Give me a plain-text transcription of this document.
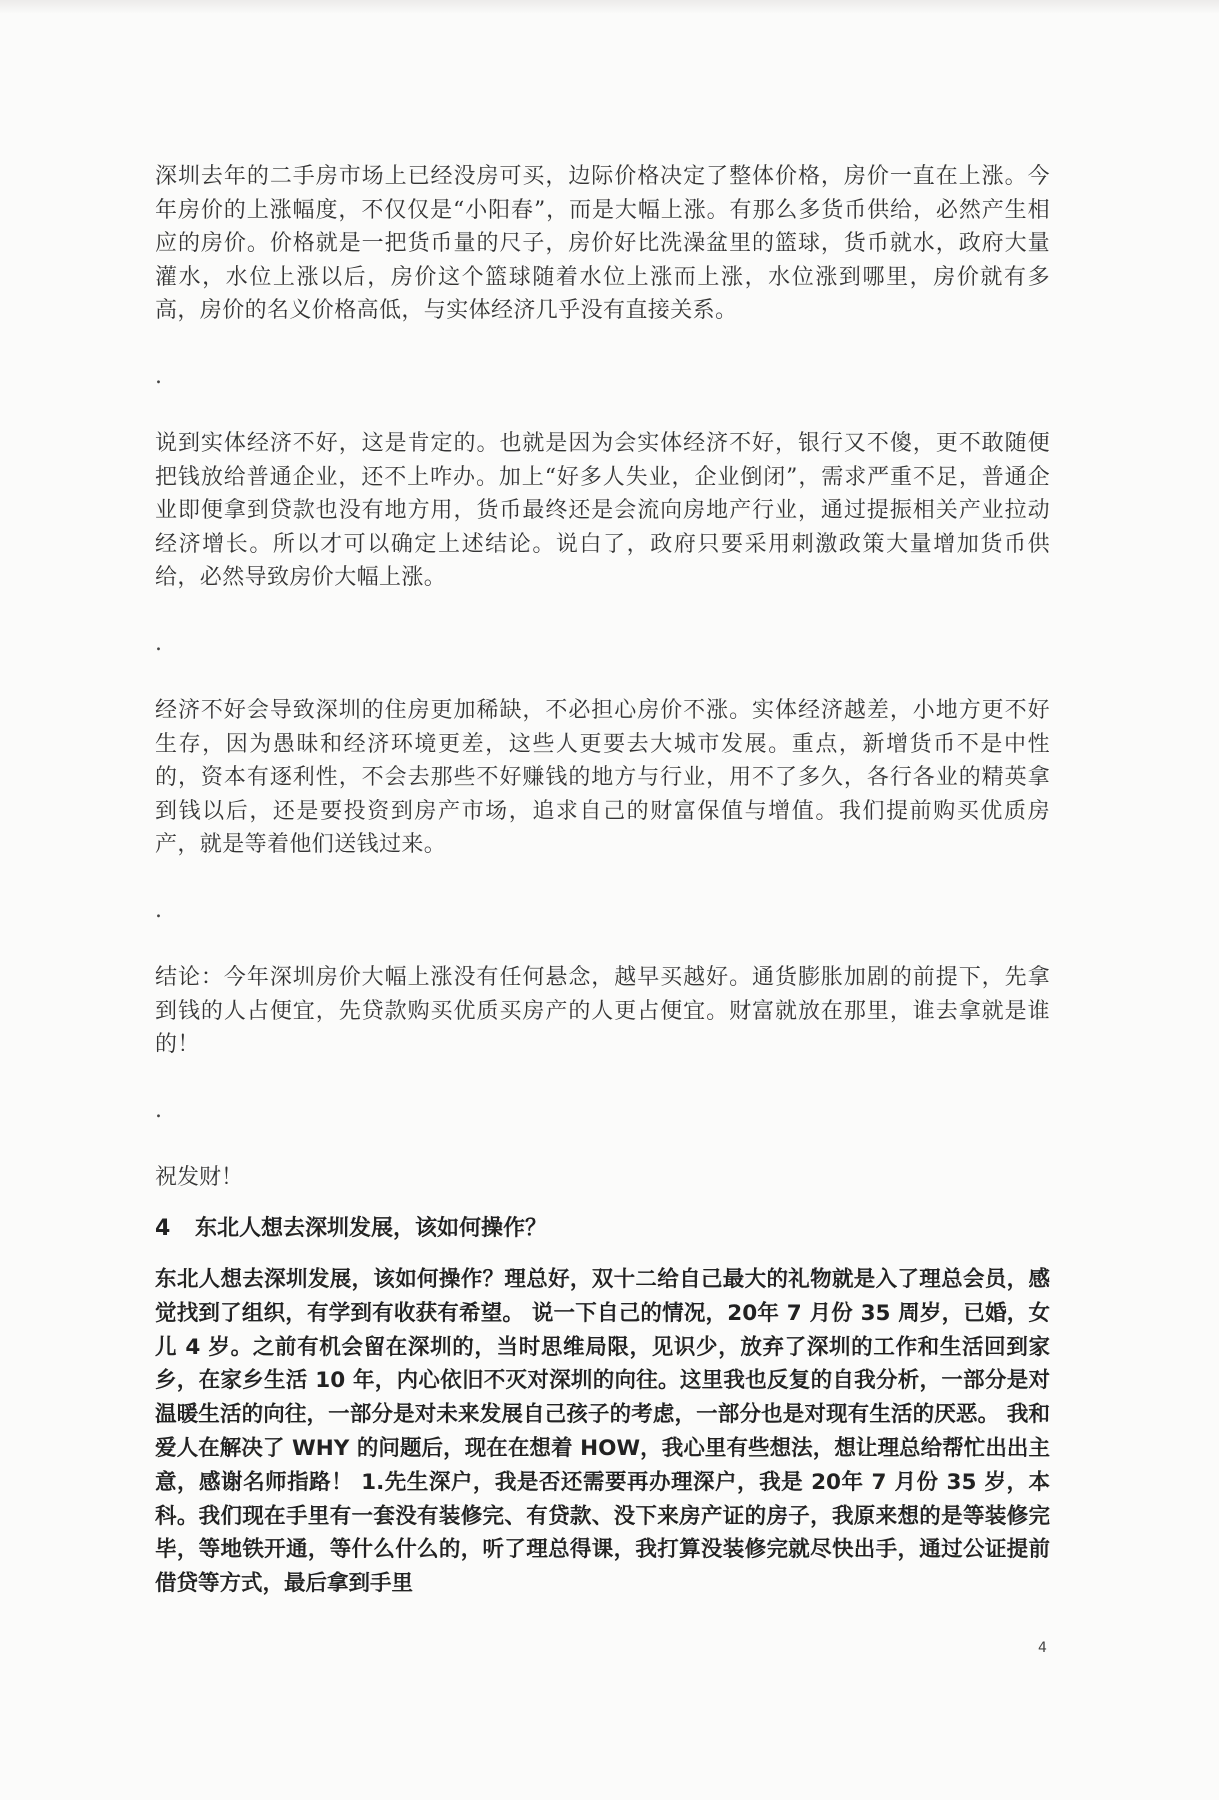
深圳去年的二手房市场上已经没房可买，边际价格决定了整体价格，房价一直在上涨。今年房价的上涨幅度，不仅仅是“小阳春”，而是大幅上涨。有那么多货币供给，必然产生相应的房价。价格就是一把货币量的尺子，房价好比洗澡盆里的篮球，货币就水，政府大量灌水，水位上涨以后，房价这个篮球随着水位上涨而上涨，水位涨到哪里，房价就有多高，房价的名义价格高低，与实体经济几乎没有直接关系。

.

说到实体经济不好，这是肯定的。也就是因为会实体经济不好，银行又不傻，更不敢随便把钱放给普通企业，还不上咋办。加上“好多人失业，企业倒闭”，需求严重不足，普通企业即便拿到贷款也没有地方用，货币最终还是会流向房地产行业，通过提振相关产业拉动经济增长。所以才可以确定上述结论。说白了，政府只要采用刺激政策大量增加货币供给，必然导致房价大幅上涨。

.

经济不好会导致深圳的住房更加稀缺，不必担心房价不涨。实体经济越差，小地方更不好生存，因为愚昧和经济环境更差，这些人更要去大城市发展。重点，新增货币不是中性的，资本有逐利性，不会去那些不好赚钱的地方与行业，用不了多久，各行各业的精英拿到钱以后，还是要投资到房产市场，追求自己的财富保值与增值。我们提前购买优质房产，就是等着他们送钱过来。

.

结论：今年深圳房价大幅上涨没有任何悬念，越早买越好。通货膨胀加剧的前提下，先拿到钱的人占便宜，先贷款购买优质买房产的人更占便宜。财富就放在那里，谁去拿就是谁的！

.

祝发财！

4	东北人想去深圳发展，该如何操作？

东北人想去深圳发展，该如何操作？理总好，双十二给自己最大的礼物就是入了理总会员，感觉找到了组织，有学到有收获有希望。 说一下自己的情况，20年 7 月份 35 周岁，已婚，女儿 4 岁。之前有机会留在深圳的，当时思维局限，见识少，放弃了深圳的工作和生活回到家乡，在家乡生活 10 年，内心依旧不灭对深圳的向往。这里我也反复的自我分析，一部分是对温暖生活的向往，一部分是对未来发展自己孩子的考虑，一部分也是对现有生活的厌恶。 我和爱人在解决了 WHY 的问题后，现在在想着 HOW，我心里有些想法，想让理总给帮忙出出主意，感谢名师指路！ 1.先生深户，我是否还需要再办理深户，我是 20年 7 月份 35 岁，本科。我们现在手里有一套没有装修完、有贷款、没下来房产证的房子，我原来想的是等装修完毕，等地铁开通，等什么什么的，听了理总得课，我打算没装修完就尽快出手，通过公证提前借贷等方式，最后拿到手里

4
